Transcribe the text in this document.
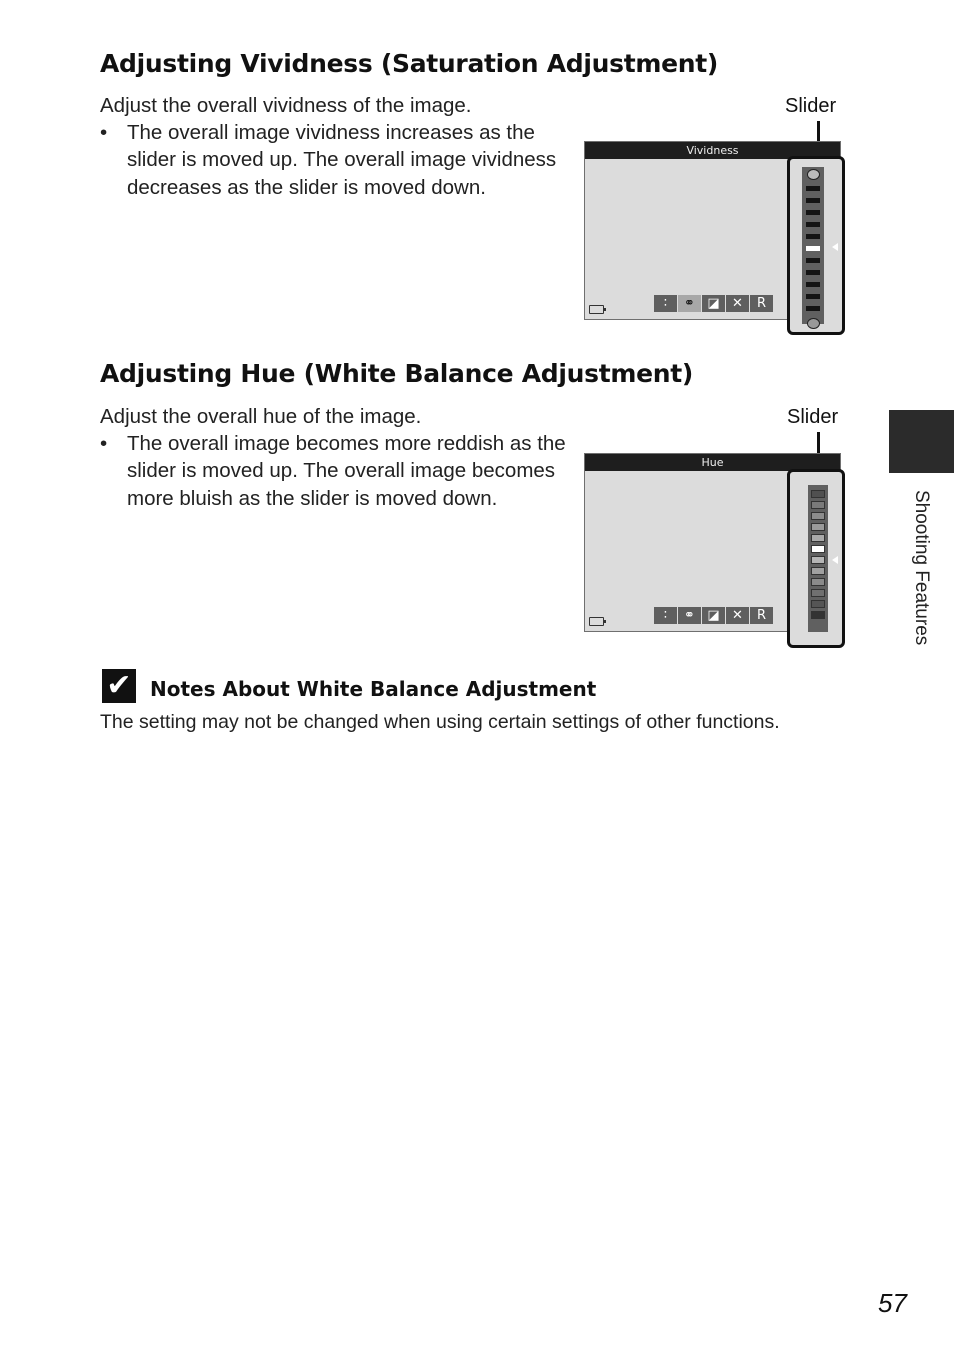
Adjusting Vividness (Saturation Adjustment)
Adjust the overall vividness of the image.
• The overall image vividness increases as the slider is moved up. The overall image vividness decreases as the slider is moved down.
Slider
Vividness
∶	⚭ ◪ ✕	R
Adjusting Hue (White Balance Adjustment)
Adjust the overall hue of the image.
• The overall image becomes more reddish as the slider is moved up. The overall image becomes more bluish as the slider is moved down.
Slider
Hue
∶	⚭ ◪ ✕	R
✔ Notes About White Balance Adjustment
The setting may not be changed when using certain settings of other functions.
Shooting Features
57
